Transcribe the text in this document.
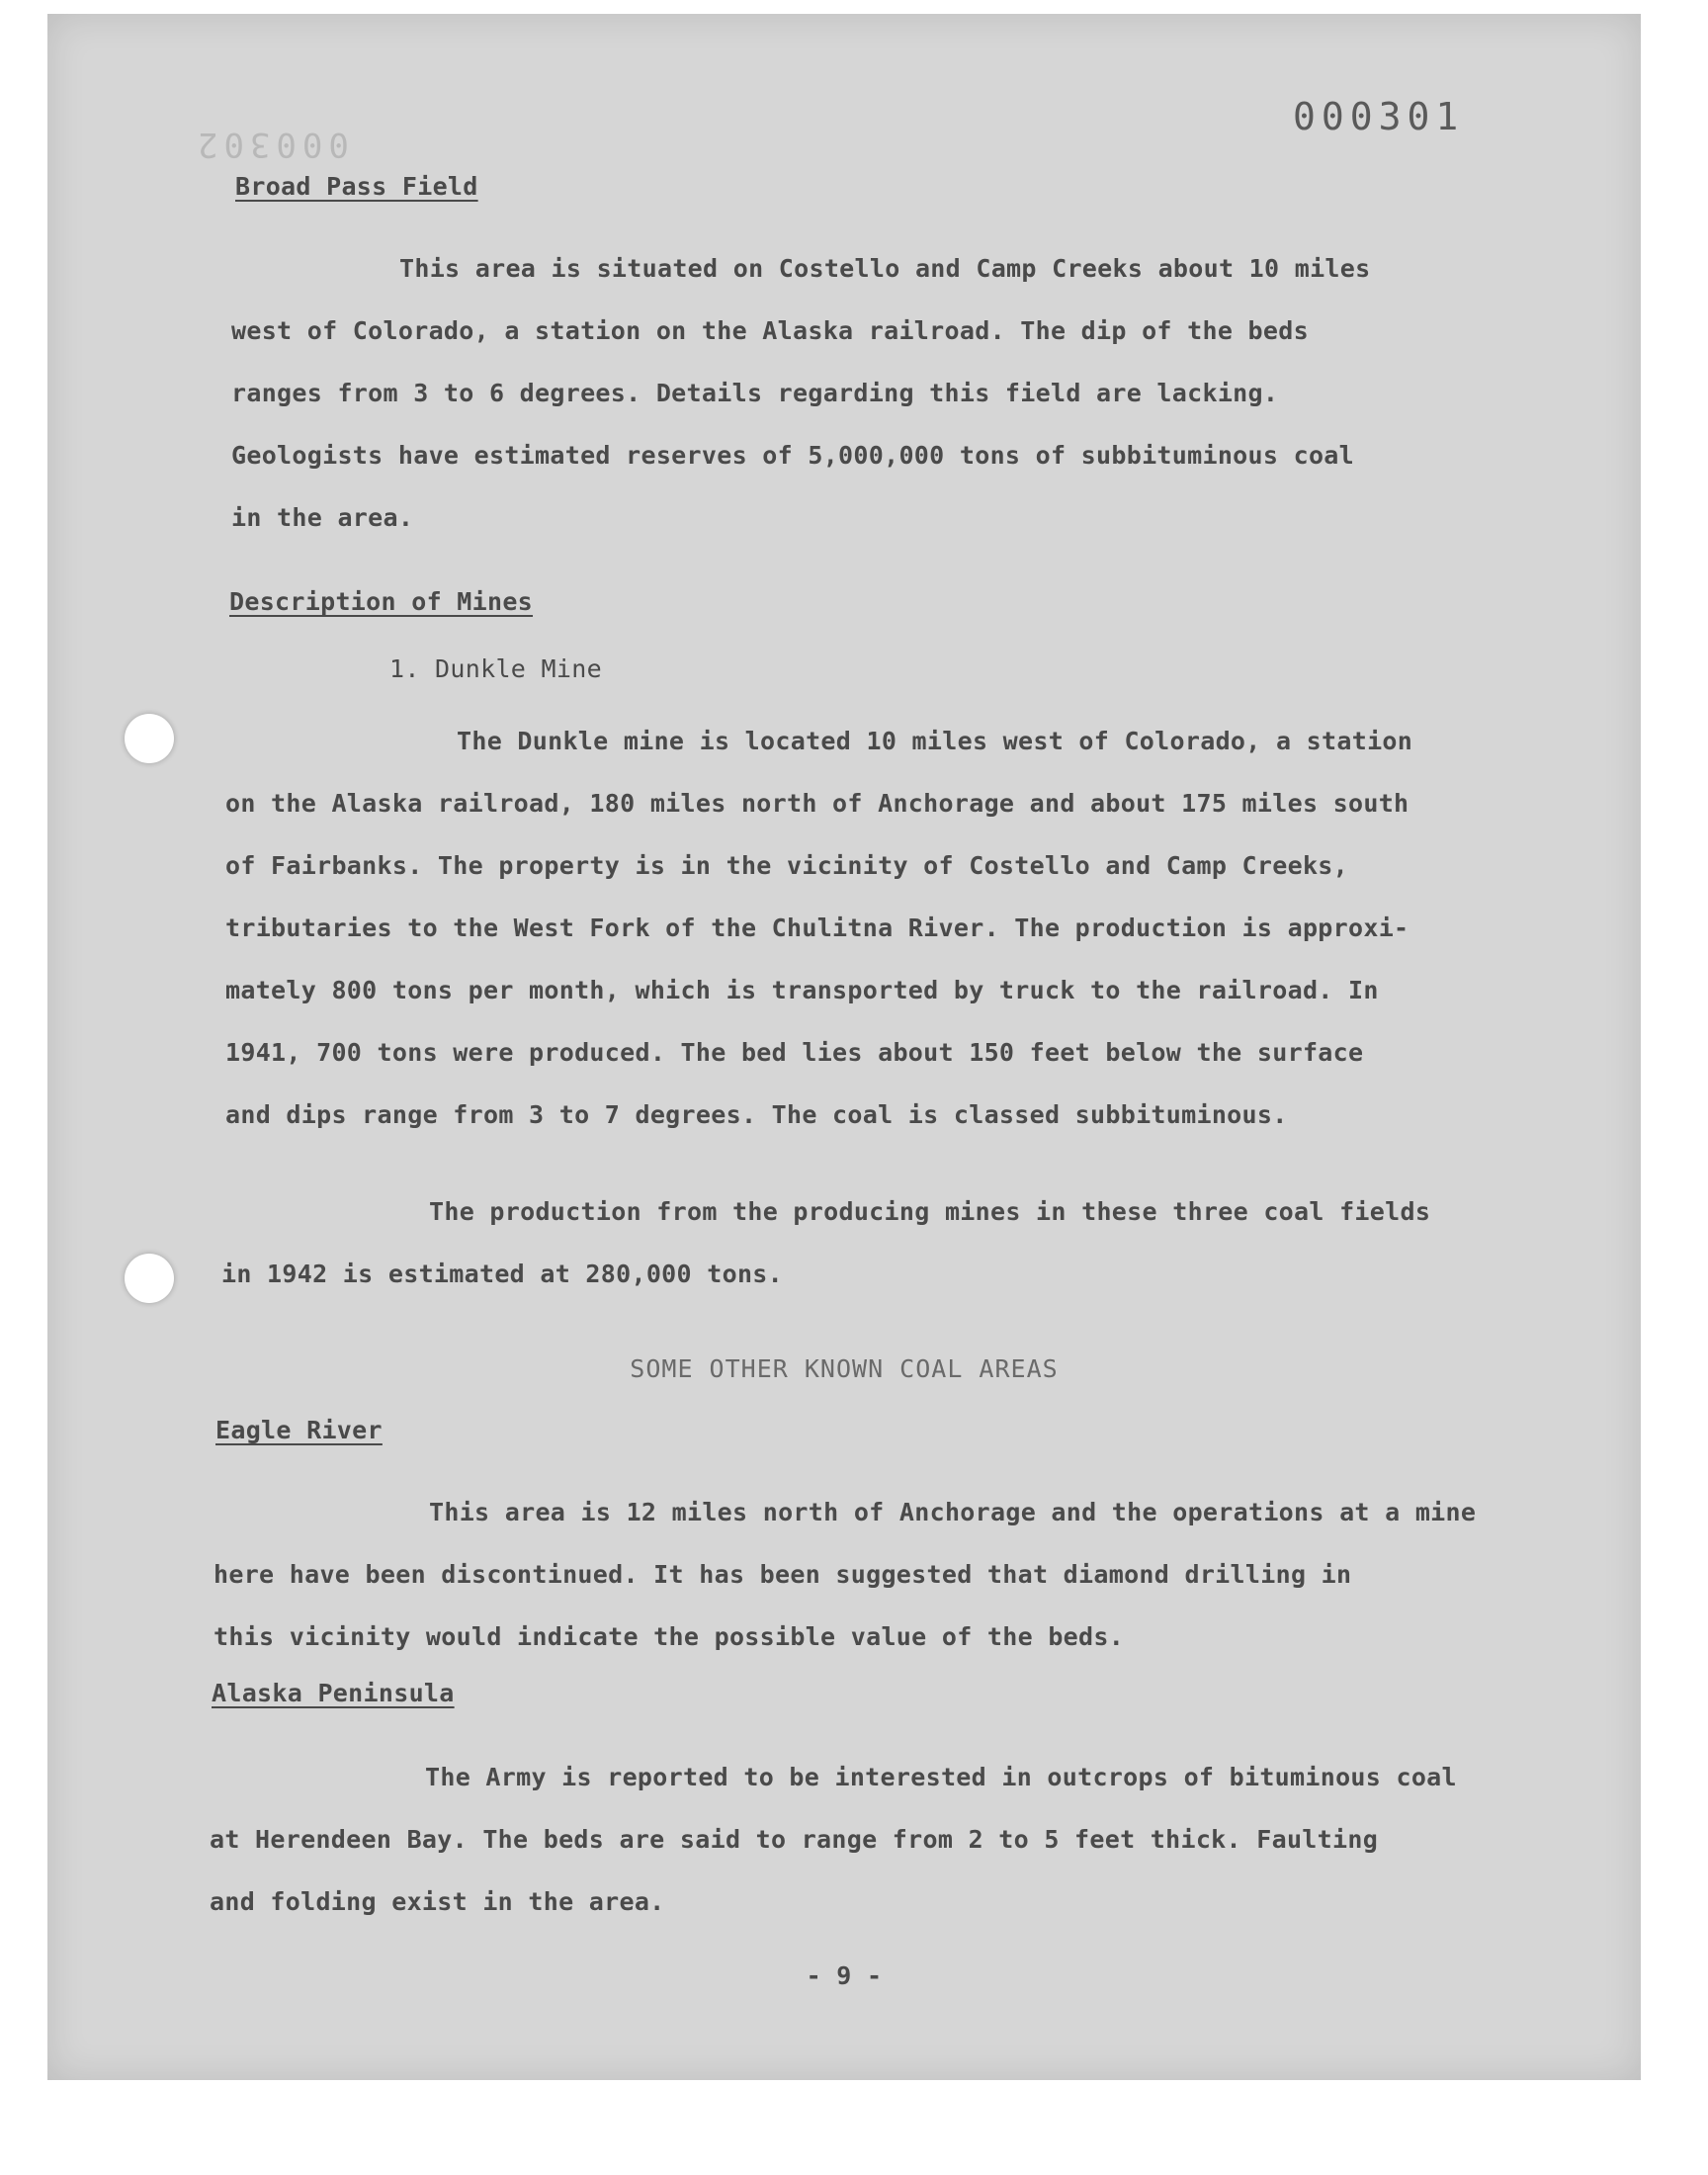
000301
000302
Broad Pass Field
This area is situated on Costello and Camp Creeks about 10 miles
west of Colorado, a station on the Alaska railroad. The dip of the beds
ranges from 3 to 6 degrees. Details regarding this field are lacking.
Geologists have estimated reserves of 5,000,000 tons of subbituminous coal
in the area.
Description of Mines
1. Dunkle Mine
The Dunkle mine is located 10 miles west of Colorado, a station
on the Alaska railroad, 180 miles north of Anchorage and about 175 miles south
of Fairbanks. The property is in the vicinity of Costello and Camp Creeks,
tributaries to the West Fork of the Chulitna River. The production is approxi-
mately 800 tons per month, which is transported by truck to the railroad. In
1941, 700 tons were produced. The bed lies about 150 feet below the surface
and dips range from 3 to 7 degrees. The coal is classed subbituminous.
The production from the producing mines in these three coal fields
in 1942 is estimated at 280,000 tons.
SOME OTHER KNOWN COAL AREAS
Eagle River
This area is 12 miles north of Anchorage and the operations at a mine
here have been discontinued. It has been suggested that diamond drilling in
this vicinity would indicate the possible value of the beds.
Alaska Peninsula
The Army is reported to be interested in outcrops of bituminous coal
at Herendeen Bay. The beds are said to range from 2 to 5 feet thick. Faulting
and folding exist in the area.
- 9 -
